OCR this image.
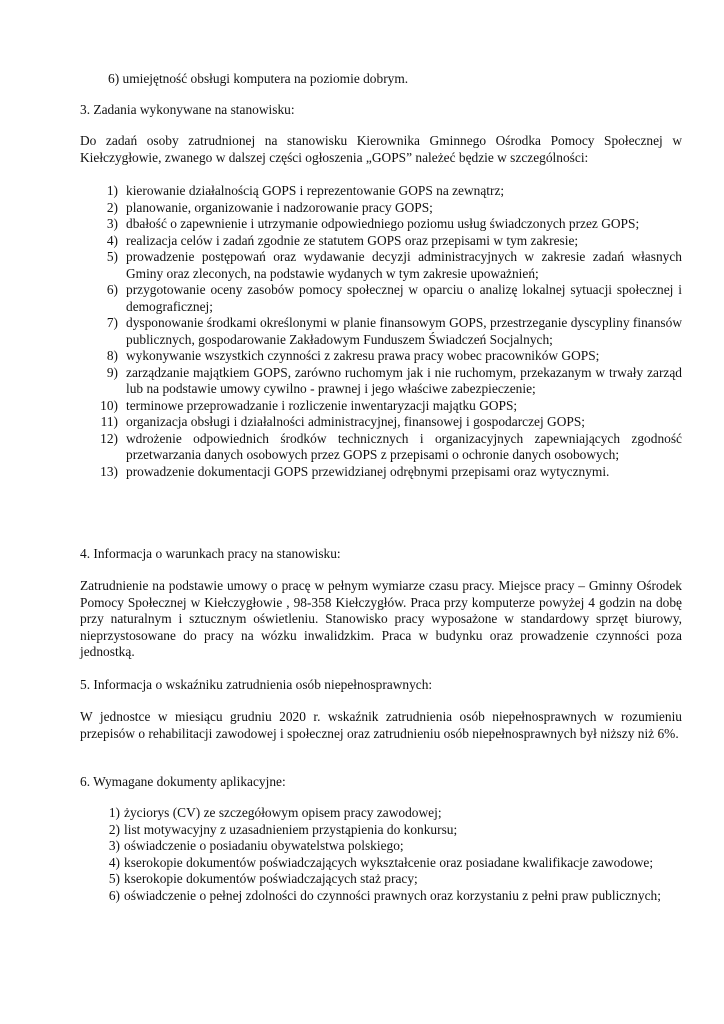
6) umiejętność obsługi komputera na poziomie dobrym.

3. Zadania wykonywane na stanowisku:

Do zadań osoby zatrudnionej na stanowisku Kierownika Gminnego Ośrodka Pomocy Społecznej w Kiełczygłowie, zwanego w dalszej części ogłoszenia „GOPS” należeć będzie w szczególności:

1) kierowanie działalnością GOPS i reprezentowanie GOPS na zewnątrz;
2) planowanie, organizowanie i nadzorowanie pracy GOPS;
3) dbałość o zapewnienie i utrzymanie odpowiedniego poziomu usług świadczonych przez GOPS;
4) realizacja celów i zadań zgodnie ze statutem GOPS oraz przepisami w tym zakresie;
5) prowadzenie postępowań oraz wydawanie decyzji administracyjnych w zakresie zadań własnych Gminy oraz zleconych, na podstawie wydanych w tym zakresie upoważnień;
6) przygotowanie oceny zasobów pomocy społecznej w oparciu o analizę lokalnej sytuacji społecznej i demograficznej;
7) dysponowanie środkami określonymi w planie finansowym GOPS, przestrzeganie dyscypliny finansów publicznych, gospodarowanie Zakładowym Funduszem Świadczeń Socjalnych;
8) wykonywanie wszystkich czynności z zakresu prawa pracy wobec pracowników GOPS;
9) zarządzanie majątkiem GOPS, zarówno ruchomym jak i nie ruchomym, przekazanym w trwały zarząd lub na podstawie umowy cywilno - prawnej i jego właściwe zabezpieczenie;
10) terminowe przeprowadzanie i rozliczenie inwentaryzacji majątku GOPS;
11) organizacja obsługi i działalności administracyjnej, finansowej i gospodarczej GOPS;
12) wdrożenie odpowiednich środków technicznych i organizacyjnych zapewniających zgodność przetwarzania danych osobowych przez GOPS z przepisami o ochronie danych osobowych;
13) prowadzenie dokumentacji GOPS przewidzianej odrębnymi przepisami oraz wytycznymi.

4. Informacja o warunkach pracy na stanowisku:

Zatrudnienie na podstawie umowy o pracę w pełnym wymiarze czasu pracy. Miejsce pracy – Gminny Ośrodek Pomocy Społecznej w Kiełczygłowie , 98-358 Kiełczygłów. Praca przy komputerze powyżej 4 godzin na dobę przy naturalnym i sztucznym oświetleniu. Stanowisko pracy wyposażone w standardowy sprzęt biurowy, nieprzystosowane do pracy na wózku inwalidzkim. Praca w budynku oraz prowadzenie czynności poza jednostką.

5. Informacja o wskaźniku zatrudnienia osób niepełnosprawnych:

W jednostce w miesiącu grudniu 2020 r. wskaźnik zatrudnienia osób niepełnosprawnych w rozumieniu przepisów o rehabilitacji zawodowej i społecznej oraz zatrudnieniu osób niepełnosprawnych był niższy niż 6%.

6. Wymagane dokumenty aplikacyjne:

1) życiorys (CV) ze szczegółowym opisem pracy zawodowej;
2) list motywacyjny z uzasadnieniem przystąpienia do konkursu;
3) oświadczenie o posiadaniu obywatelstwa polskiego;
4) kserokopie dokumentów poświadczających wykształcenie oraz posiadane kwalifikacje zawodowe;
5) kserokopie dokumentów poświadczających staż pracy;
6) oświadczenie o pełnej zdolności do czynności prawnych oraz korzystaniu z pełni praw publicznych;
